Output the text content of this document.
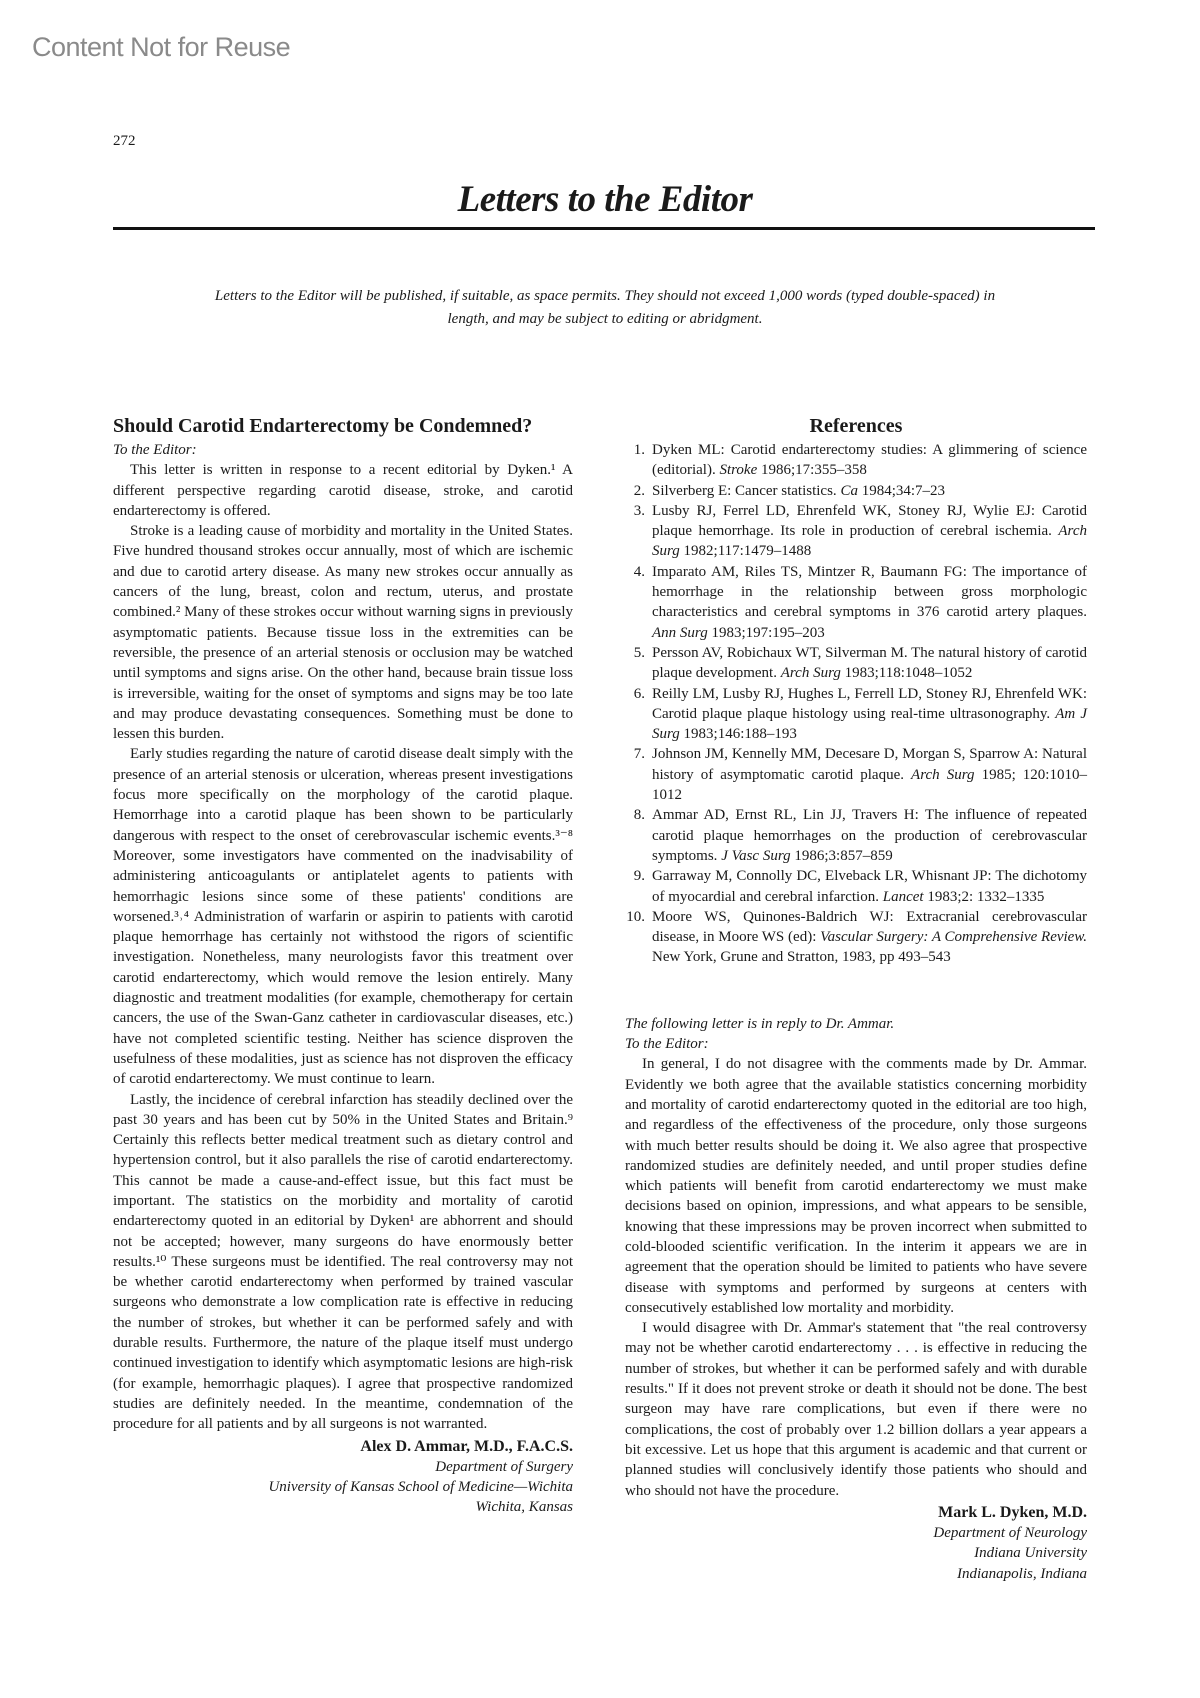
Content Not for Reuse
272
Letters to the Editor
Letters to the Editor will be published, if suitable, as space permits. They should not exceed 1,000 words (typed double-spaced) in length, and may be subject to editing or abridgment.
Should Carotid Endarterectomy be Condemned?
To the Editor:

This letter is written in response to a recent editorial by Dyken.¹ A different perspective regarding carotid disease, stroke, and carotid endarterectomy is offered.

Stroke is a leading cause of morbidity and mortality in the United States. Five hundred thousand strokes occur annually, most of which are ischemic and due to carotid artery disease. As many new strokes occur annually as cancers of the lung, breast, colon and rectum, uterus, and prostate combined.² Many of these strokes occur without warning signs in previously asymptomatic patients. Because tissue loss in the extremities can be reversible, the presence of an arterial stenosis or occlusion may be watched until symptoms and signs arise. On the other hand, because brain tissue loss is irreversible, waiting for the onset of symptoms and signs may be too late and may produce devastating consequences. Something must be done to lessen this burden.

Early studies regarding the nature of carotid disease dealt simply with the presence of an arterial stenosis or ulceration, whereas present investigations focus more specifically on the morphology of the carotid plaque. Hemorrhage into a carotid plaque has been shown to be particularly dangerous with respect to the onset of cerebrovascular ischemic events.³⁻⁸ Moreover, some investigators have commented on the inadvisability of administering anticoagulants or antiplatelet agents to patients with hemorrhagic lesions since some of these patients' conditions are worsened.³˒⁴ Administration of warfarin or aspirin to patients with carotid plaque hemorrhage has certainly not withstood the rigors of scientific investigation. Nonetheless, many neurologists favor this treatment over carotid endarterectomy, which would remove the lesion entirely. Many diagnostic and treatment modalities (for example, chemotherapy for certain cancers, the use of the Swan-Ganz catheter in cardiovascular diseases, etc.) have not completed scientific testing. Neither has science disproven the usefulness of these modalities, just as science has not disproven the efficacy of carotid endarterectomy. We must continue to learn.

Lastly, the incidence of cerebral infarction has steadily declined over the past 30 years and has been cut by 50% in the United States and Britain.⁹ Certainly this reflects better medical treatment such as dietary control and hypertension control, but it also parallels the rise of carotid endarterectomy. This cannot be made a cause-and-effect issue, but this fact must be important. The statistics on the morbidity and mortality of carotid endarterectomy quoted in an editorial by Dyken¹ are abhorrent and should not be accepted; however, many surgeons do have enormously better results.¹⁰ These surgeons must be identified. The real controversy may not be whether carotid endarterectomy when performed by trained vascular surgeons who demonstrate a low complication rate is effective in reducing the number of strokes, but whether it can be performed safely and with durable results. Furthermore, the nature of the plaque itself must undergo continued investigation to identify which asymptomatic lesions are high-risk (for example, hemorrhagic plaques). I agree that prospective randomized studies are definitely needed. In the meantime, condemnation of the procedure for all patients and by all surgeons is not warranted.

Alex D. Ammar, M.D., F.A.C.S.
Department of Surgery
University of Kansas School of Medicine—Wichita
Wichita, Kansas
References
1. Dyken ML: Carotid endarterectomy studies: A glimmering of science (editorial). Stroke 1986;17:355–358
2. Silverberg E: Cancer statistics. Ca 1984;34:7–23
3. Lusby RJ, Ferrel LD, Ehrenfeld WK, Stoney RJ, Wylie EJ: Carotid plaque hemorrhage. Its role in production of cerebral ischemia. Arch Surg 1982;117:1479–1488
4. Imparato AM, Riles TS, Mintzer R, Baumann FG: The importance of hemorrhage in the relationship between gross morphologic characteristics and cerebral symptoms in 376 carotid artery plaques. Ann Surg 1983;197:195–203
5. Persson AV, Robichaux WT, Silverman M. The natural history of carotid plaque development. Arch Surg 1983;118:1048–1052
6. Reilly LM, Lusby RJ, Hughes L, Ferrell LD, Stoney RJ, Ehrenfeld WK: Carotid plaque plaque histology using real-time ultrasonography. Am J Surg 1983;146:188–193
7. Johnson JM, Kennelly MM, Decesare D, Morgan S, Sparrow A: Natural history of asymptomatic carotid plaque. Arch Surg 1985; 120:1010–1012
8. Ammar AD, Ernst RL, Lin JJ, Travers H: The influence of repeated carotid plaque hemorrhages on the production of cerebrovascular symptoms. J Vasc Surg 1986;3:857–859
9. Garraway M, Connolly DC, Elveback LR, Whisnant JP: The dichotomy of myocardial and cerebral infarction. Lancet 1983;2: 1332–1335
10. Moore WS, Quinones-Baldrich WJ: Extracranial cerebrovascular disease, in Moore WS (ed): Vascular Surgery: A Comprehensive Review. New York, Grune and Stratton, 1983, pp 493–543
The following letter is in reply to Dr. Ammar.
To the Editor:

In general, I do not disagree with the comments made by Dr. Ammar. Evidently we both agree that the available statistics concerning morbidity and mortality of carotid endarterectomy quoted in the editorial are too high, and regardless of the effectiveness of the procedure, only those surgeons with much better results should be doing it. We also agree that prospective randomized studies are definitely needed, and until proper studies define which patients will benefit from carotid endarterectomy we must make decisions based on opinion, impressions, and what appears to be sensible, knowing that these impressions may be proven incorrect when submitted to cold-blooded scientific verification. In the interim it appears we are in agreement that the operation should be limited to patients who have severe disease with symptoms and performed by surgeons at centers with consecutively established low mortality and morbidity.

I would disagree with Dr. Ammar's statement that "the real controversy may not be whether carotid endarterectomy . . . is effective in reducing the number of strokes, but whether it can be performed safely and with durable results." If it does not prevent stroke or death it should not be done. The best surgeon may have rare complications, but even if there were no complications, the cost of probably over 1.2 billion dollars a year appears a bit excessive. Let us hope that this argument is academic and that current or planned studies will conclusively identify those patients who should and who should not have the procedure.

Mark L. Dyken, M.D.
Department of Neurology
Indiana University
Indianapolis, Indiana
